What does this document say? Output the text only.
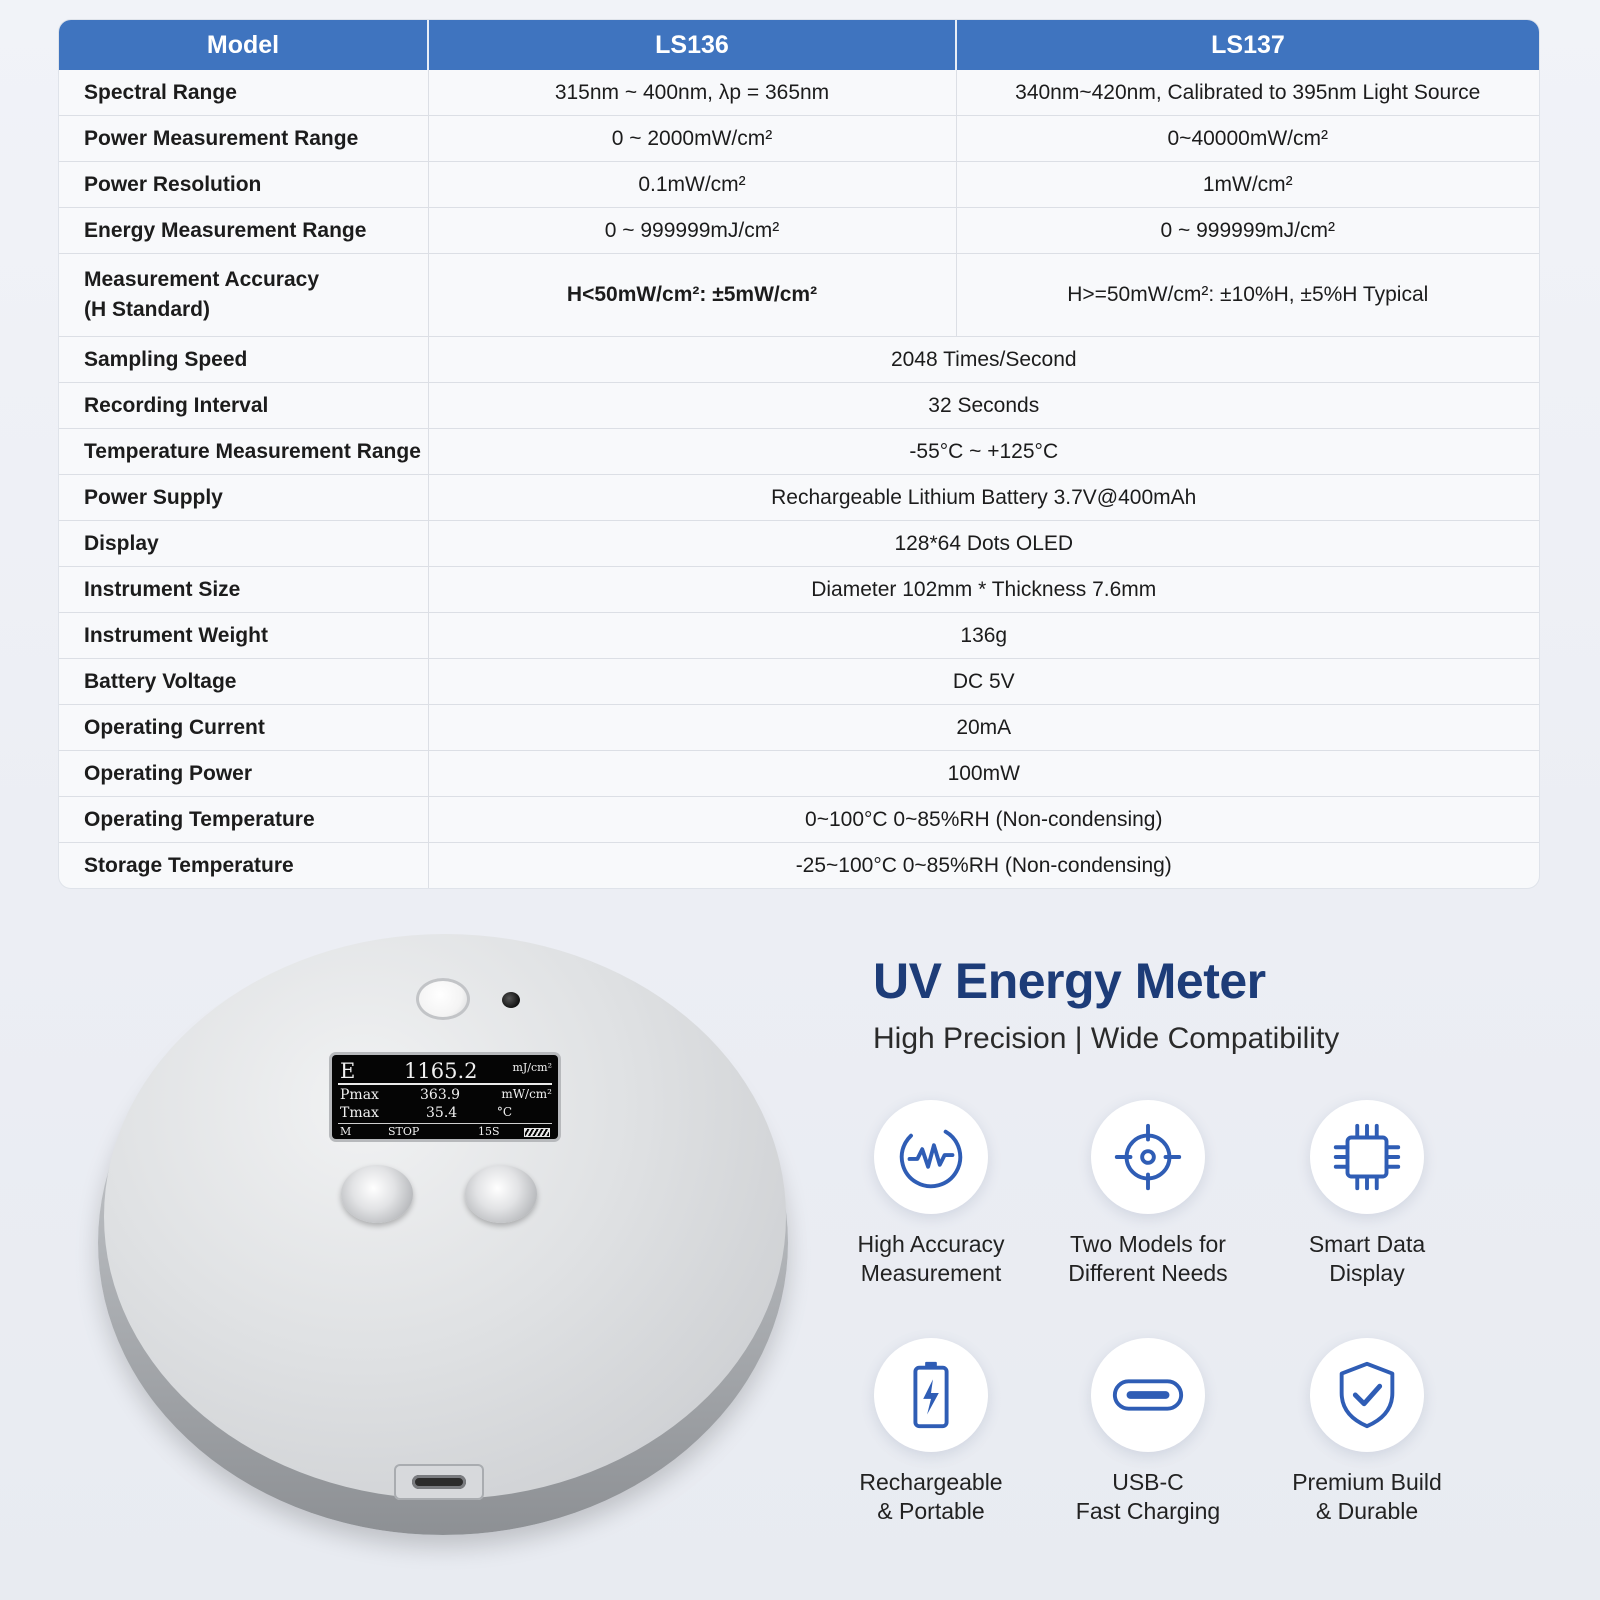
Model	LS136	LS137
Spectral Range	315nm ~ 400nm, λp = 365nm	340nm~420nm, Calibrated to 395nm Light Source
Power Measurement Range	0 ~ 2000mW/cm²	0~40000mW/cm²
Power Resolution	0.1mW/cm²	1mW/cm²
Energy Measurement Range	0 ~ 999999mJ/cm²	0 ~ 999999mJ/cm²
Measurement Accuracy
(H Standard)	H<50mW/cm²: ±5mW/cm²	H>=50mW/cm²: ±10%H, ±5%H Typical
Sampling Speed	2048 Times/Second	
Recording Interval	32 Seconds	
Temperature Measurement Range	-55°C ~ +125°C	
Power Supply	Rechargeable Lithium Battery 3.7V@400mAh	
Display	128*64 Dots OLED	
Instrument Size	Diameter 102mm * Thickness 7.6mm	
Instrument Weight	136g	
Battery Voltage	DC 5V	
Operating Current	20mA	
Operating Power	100mW	
Operating Temperature	0~100°C 0~85%RH (Non-condensing)	
Storage Temperature	-25~100°C 0~85%RH (Non-condensing)	
E 1165.2	mJ/cm²
Pmax	363.9	mW/cm²
Tmax	35.4	°C
M	STOP	15S
UV Energy Meter

High Precision | Wide Compatibility

High Accuracy
Measurement
Two Models for
Different Needs
Smart Data
Display
Rechargeable
& Portable
USB-C
Fast Charging
Premium Build
& Durable
